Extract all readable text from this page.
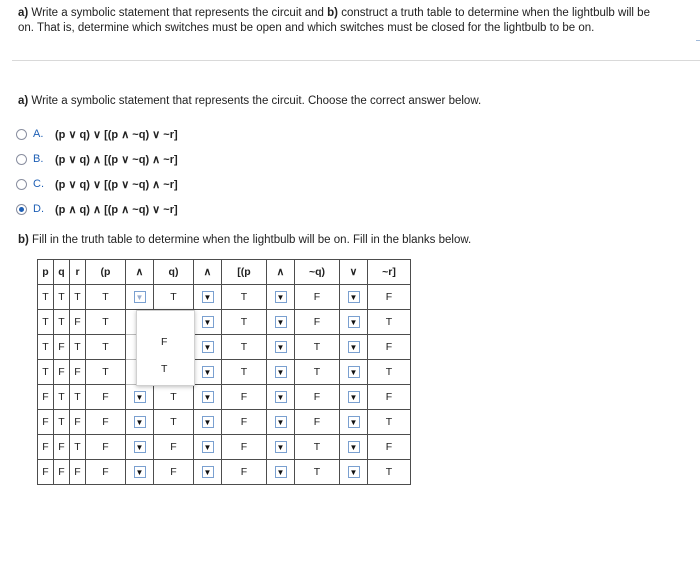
a) Write a symbolic statement that represents the circuit and b) construct a truth table to determine when the lightbulb will be
on. That is, determine which switches must be open and which switches must be closed for the lightbulb to be on.
a) Write a symbolic statement that represents the circuit. Choose the correct answer below.
A.	(p ∨ q) ∨ [(p ∧ ~q) ∨ ~r]
B.	(p ∨ q) ∧ [(p ∨ ~q) ∧ ~r]
C. (p ∨ q) ∨ [(p ∨ ~q) ∧ ~r]
D. (p ∧ q) ∧ [(p ∧ ~q) ∨ ~r]
b) Fill in the truth table to determine when the lightbulb will be on. Fill in the blanks below.
p	q	r	(p	∧	q)	∧	[(p	∧	~q)	∨	~r]
T	T	T	T	▼	T	▼	T	▼	F	▼	F
T	T	F	T			▼	T	▼	F	▼	T
T	F	T	T			▼	T	▼	T	▼	F
T	F	F	T			▼	T	▼	T	▼	T
F	T	T	F	▼	T	▼	F	▼	F	▼	F
F	T	F	F	▼	T	▼	F	▼	F	▼	T
F	F	T	F	▼	F	▼	F	▼	T	▼	F
F	F	F	F	▼	F	▼	F	▼	T	▼	T
F
T
